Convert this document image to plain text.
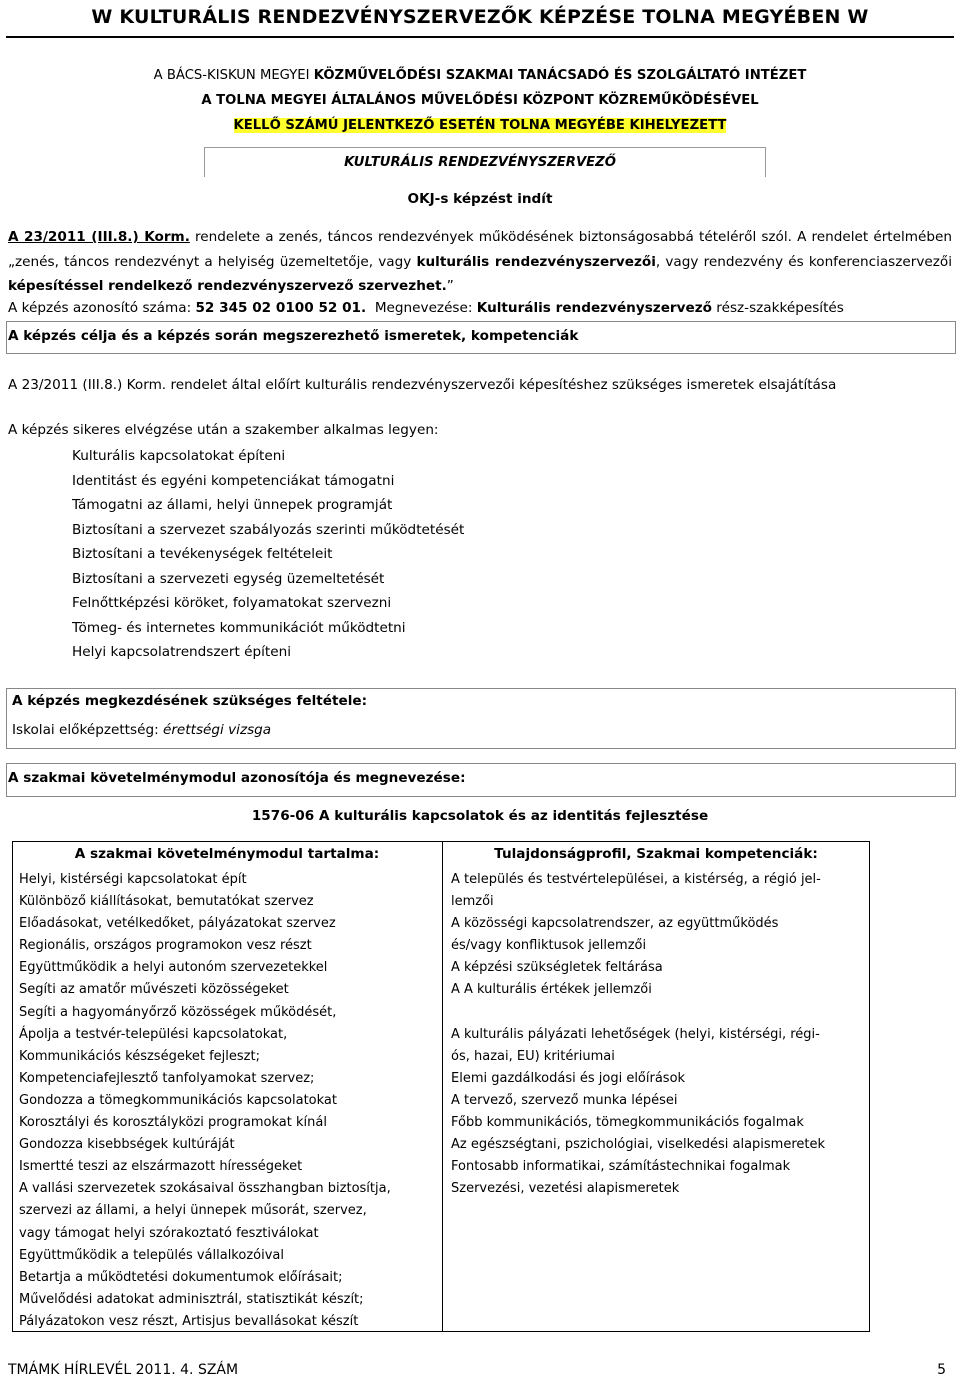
W KULTURÁLIS RENDEZVÉNYSZERVEZŐK KÉPZÉSE TOLNA MEGYÉBEN W
A BÁCS-KISKUN MEGYEI KÖZMŰVELŐDÉSI SZAKMAI TANÁCSADÓ ÉS SZOLGÁLTATÓ INTÉZET
A TOLNA MEGYEI ÁLTALÁNOS MŰVELŐDÉSI KÖZPONT KÖZREMŰKÖDÉSÉVEL
KELLŐ SZÁMÚ JELENTKEZŐ ESETÉN TOLNA MEGYÉBE KIHELYEZETT
KULTURÁLIS RENDEZVÉNYSZERVEZŐ
OKJ-s képzést indít
A 23/2011 (III.8.) Korm. rendelete a zenés, táncos rendezvények működésének biztonságosabbá tételéről szól. A rendelet értelmében „zenés, táncos rendezvényt a helyiség üzemeltetője, vagy kulturális rendezvényszervezői, vagy rendezvény és konferenciaszervezői képesítéssel rendelkező rendezvényszervező szervezhet.”
A képzés azonosító száma: 52 345 02 0100 52 01.  Megnevezése: Kulturális rendezvényszervező rész-szakképesítés
A képzés célja és a képzés során megszerezhető ismeretek, kompetenciák
A 23/2011 (III.8.) Korm. rendelet által előírt kulturális rendezvényszervezői képesítéshez szükséges ismeretek elsajátítása
A képzés sikeres elvégzése után a szakember alkalmas legyen:
Kulturális kapcsolatokat építeni
Identitást és egyéni kompetenciákat támogatni
Támogatni az állami, helyi ünnepek programját
Biztosítani a szervezet szabályozás szerinti működtetését
Biztosítani a tevékenységek feltételeit
Biztosítani a szervezeti egység üzemeltetését
Felnőttképzési köröket, folyamatokat szervezni
Tömeg- és internetes kommunikációt működtetni
Helyi kapcsolatrendszert építeni
A képzés megkezdésének szükséges feltétele:
Iskolai előképzettség: érettségi vizsga
A szakmai követelménymodul azonosítója és megnevezése:
1576-06 A kulturális kapcsolatok és az identitás fejlesztése
A szakmai követelménymodul tartalma:	Tulajdonságprofil, Szakmai kompetenciák:
Helyi, kistérségi kapcsolatokat épít
Különböző kiállításokat, bemutatókat szervez
Előadásokat, vetélkedőket, pályázatokat szervez
Regionális, országos programokon vesz részt
Együttműködik a helyi autonóm szervezetekkel
Segíti az amatőr művészeti közösségeket
Segíti a hagyományőrző közösségek működését,
Ápolja a testvér-települési kapcsolatokat,
Kommunikációs készségeket fejleszt;
Kompetenciafejlesztő tanfolyamokat szervez;
Gondozza a tömegkommunikációs kapcsolatokat
Korosztályi és korosztályközi programokat kínál
Gondozza kisebbségek kultúráját
Ismertté teszi az elszármazott hírességeket
A vallási szervezetek szokásaival összhangban biztosítja,
szervezi az állami, a helyi ünnepek műsorát, szervez,
vagy támogat helyi szórakoztató fesztiválokat
Együttműködik a település vállalkozóival
Betartja a működtetési dokumentumok előírásait;
Művelődési adatokat adminisztrál, statisztikát készít;
Pályázatokon vesz részt, Artisjus bevallásokat készít
A település és testvértelepülései, a kistérség, a régió jel-
lemzői
A közösségi kapcsolatrendszer, az együttműködés
és/vagy konfliktusok jellemzői
A képzési szükségletek feltárása
A A kulturális értékek jellemzői
A kulturális pályázati lehetőségek (helyi, kistérségi, régi-
ós, hazai, EU) kritériumai
Elemi gazdálkodási és jogi előírások
A tervező, szervező munka lépései
Főbb kommunikációs, tömegkommunikációs fogalmak
Az egészségtani, pszichológiai, viselkedési alapismeretek
Fontosabb informatikai, számítástechnikai fogalmak
Szervezési, vezetési alapismeretek
TMÁMK HÍRLEVÉL 2011. 4. SZÁM	5
